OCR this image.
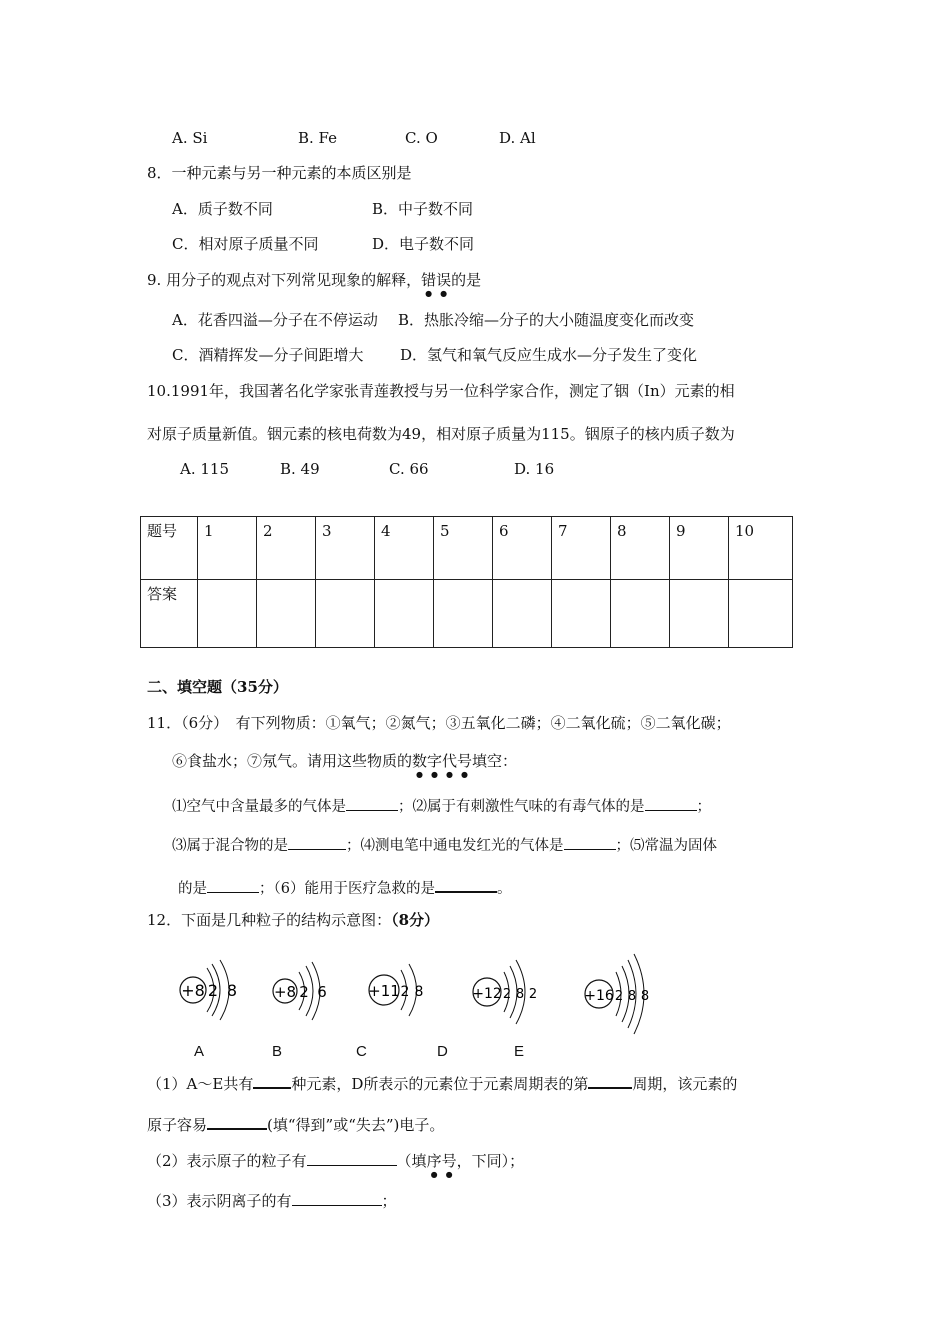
A. Si	B. Fe	C. O	D. Al
8．一种元素与另一种元素的本质区别是
A．质子数不同	B．中子数不同
C．相对原子质量不同	D．电子数不同
9. 用分子的观点对下列常见现象的解释，错误的是
A．花香四溢—分子在不停运动 B．热胀冷缩—分子的大小随温度变化而改变
C．酒精挥发—分子间距增大 D．氢气和氧气反应生成水—分子发生了变化
10.1991年，我国著名化学家张青莲教授与另一位科学家合作，测定了铟（In）元素的相
对原子质量新值。铟元素的核电荷数为49，相对原子质量为115。铟原子的核内质子数为
A. 115	B. 49	C. 66	D. 16
题号	1	2	3	4	5	6	7	8	9	10
答案										
二、填空题（35分）
11．（6分）　有下列物质：①氧气；②氮气；③五氧化二磷；④二氧化硫；⑤二氧化碳；
⑥食盐水；⑦氖气。请用这些物质的数字代号填空：
⑴空气中含量最多的气体是	；⑵属于有刺激性气味的有毒气体的是	；
⑶属于混合物的是	；⑷测电笔中通电发红光的气体是	；⑸常温为固体
的是	；（6）能用于医疗急救的是	。
12．下面是几种粒子的结构示意图：（8分）
+8 2 8 +8 2 6	+11 2 8	+12 2 8 2	+16 2 8 8
A	B	C	D	E
（1）A～E共有	种元素，D所表示的元素位于元素周期表的第	周期，该元素的
原子容易	(填“得到”或“失去”)电子。
（2）表示原子的粒子有	（填序号，下同）；
（3）表示阴离子的有	；
